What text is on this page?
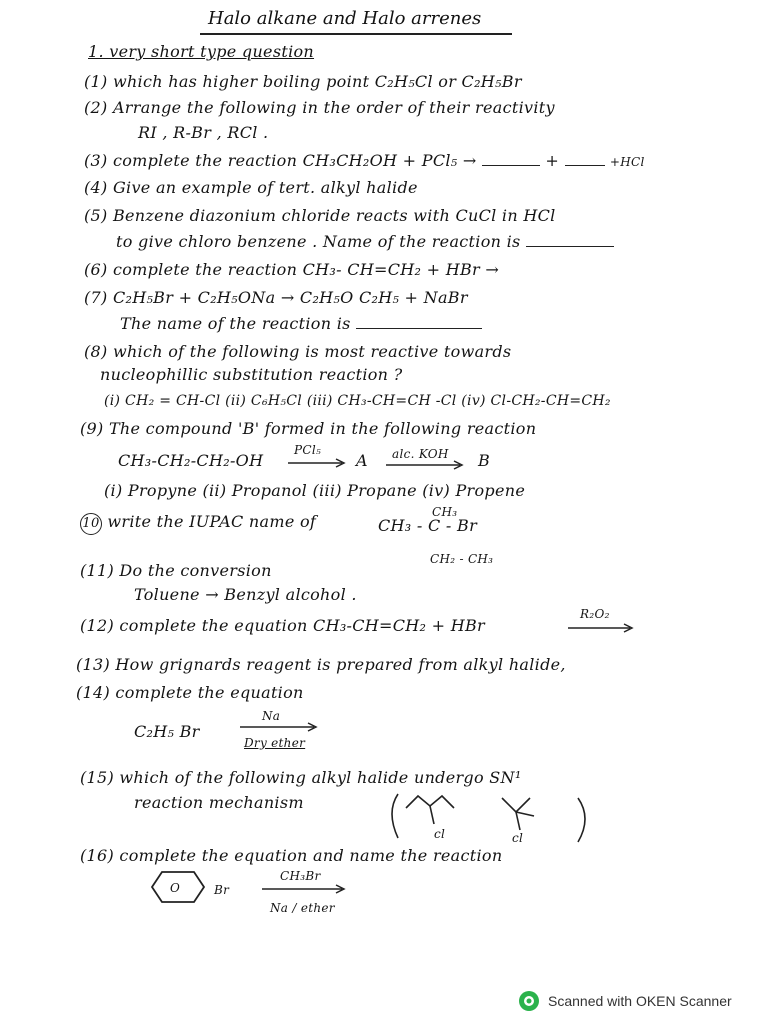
Halo alkane and Halo arrenes
1. very short type question
(1) which has higher boiling point C₂H₅Cl or C₂H₅Br
(2) Arrange the following in the order of their reactivity
RI , R-Br , RCl .
(3) complete the reaction CH₃CH₂OH + PCl₅ →	+	+HCl
(4) Give an example of tert. alkyl halide
(5) Benzene diazonium chloride reacts with CuCl in HCl
to give chloro benzene . Name of the reaction is
(6) complete the reaction CH₃- CH=CH₂ + HBr →
(7) C₂H₅Br + C₂H₅ONa → C₂H₅O C₂H₅ + NaBr
The name of the reaction is
(8) which of the following is most reactive towards
nucleophillic substitution reaction ?
(i) CH₂ = CH-Cl (ii) C₆H₅Cl (iii) CH₃-CH=CH -Cl (iv) Cl-CH₂-CH=CH₂
(9) The compound 'B' formed in the following reaction
CH₃-CH₂-CH₂-OH
PCl₅
→ A alc. KOH B
(i) Propyne (ii) Propanol (iii) Propane (iv) Propene
10 write the IUPAC name of	CH₃
CH₃ - C - Br
CH₂ - CH₃
(11) Do the conversion
Toluene → Benzyl alcohol .
(12) complete the equation CH₃-CH=CH₂ + HBr
R₂O₂
(13) How grignards reagent is prepared from alkyl halide,
(14) complete the equation
C₂H₅ Br
Na
Dry ether
(15) which of the following alkyl halide undergo SN¹
reaction mechanism
cl	cl
(16) complete the equation and name the reaction
O	Br
CH₃Br
Na / ether
Scanned with OKEN Scanner
